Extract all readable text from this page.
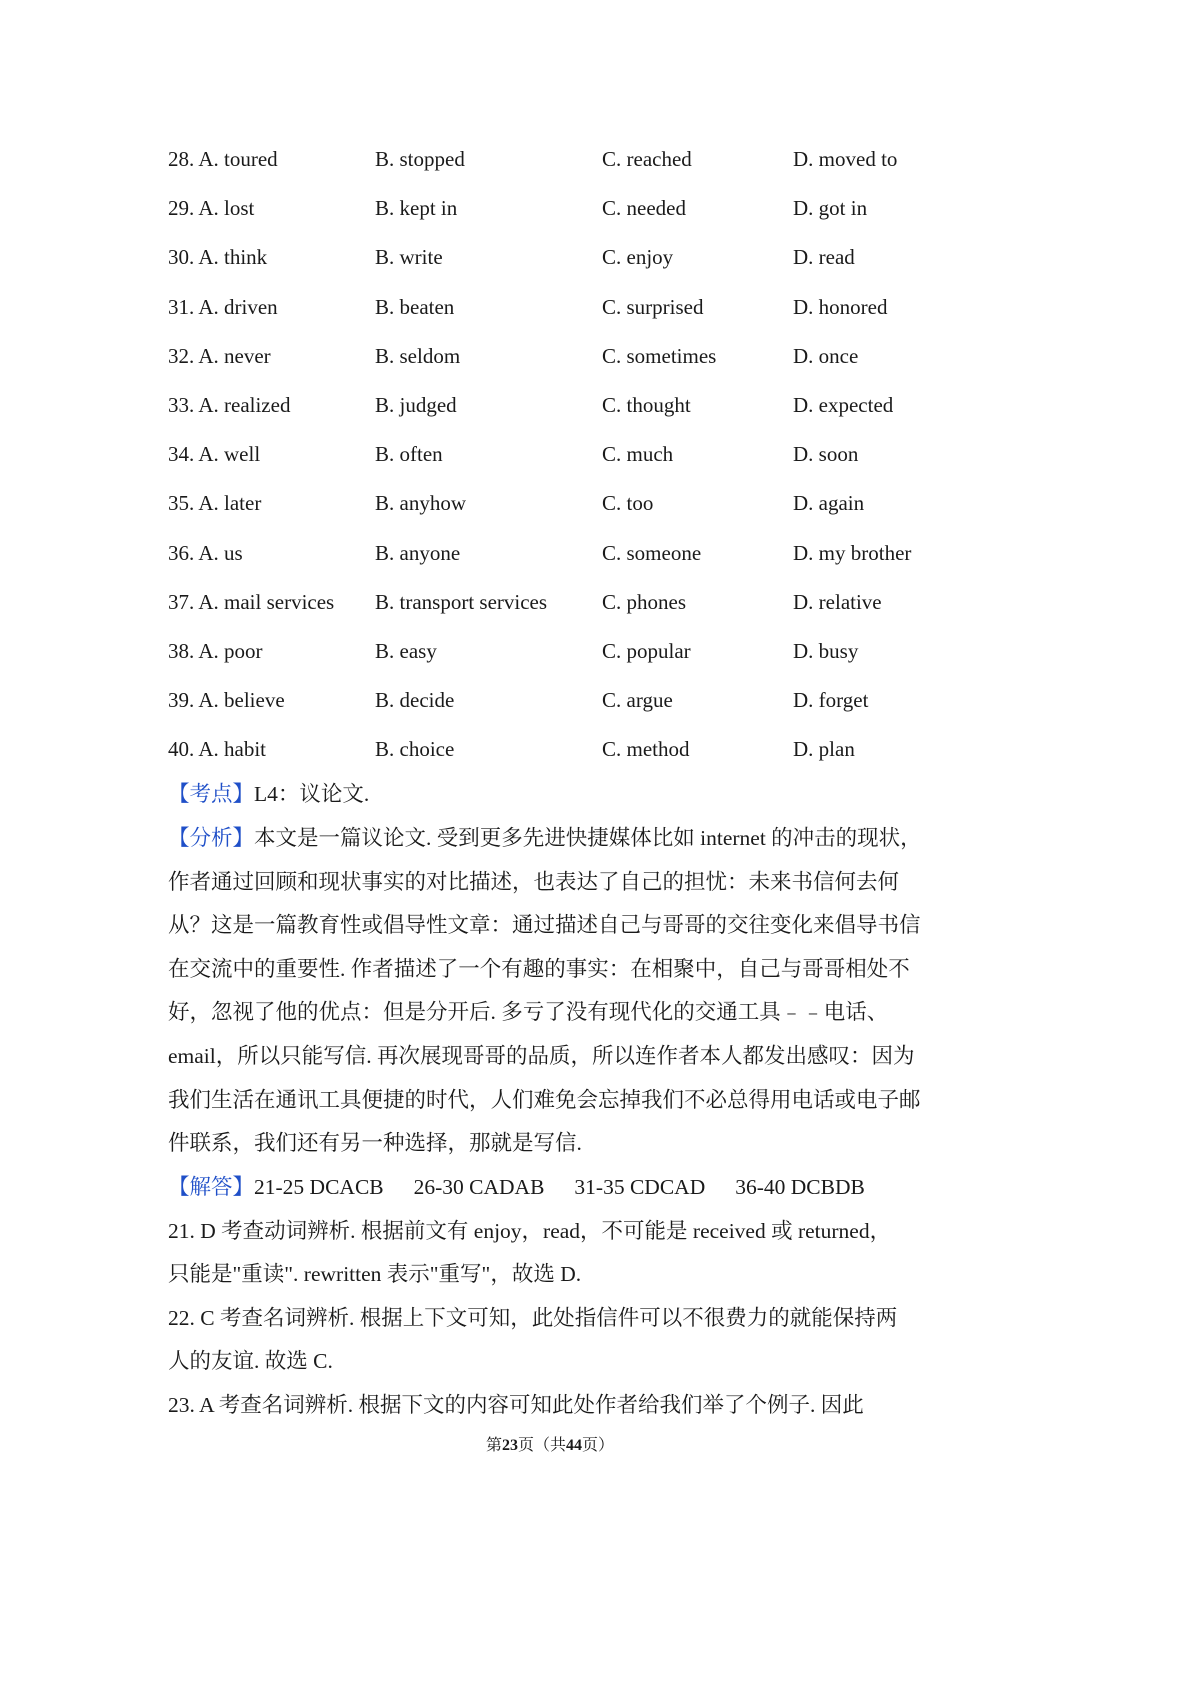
28. A. toured	B. stopped	C. reached	D. moved to
29. A. lost	B. kept in	C. needed	D. got in
30. A. think	B. write	C. enjoy	D. read
31. A. driven	B. beaten	C. surprised	D. honored
32. A. never	B. seldom	C. sometimes	D. once
33. A. realized	B. judged	C. thought	D. expected
34. A. well	B. often	C. much	D. soon
35. A. later	B. anyhow	C. too	D. again
36. A. us	B. anyone	C. someone	D. my brother
37. A. mail services B. transport services	C. phones	D. relative
38. A. poor	B. easy	C. popular	D. busy
39. A. believe	B. decide	C. argue	D. forget
40. A. habit	B. choice	C. method	D. plan
【考点】L4：议论文.
【分析】本文是一篇议论文. 受到更多先进快捷媒体比如 internet 的冲击的现状，
作者通过回顾和现状事实的对比描述，也表达了自己的担忧：未来书信何去何
从？这是一篇教育性或倡导性文章：通过描述自己与哥哥的交往变化来倡导书信
在交流中的重要性. 作者描述了一个有趣的事实：在相聚中，自己与哥哥相处不
好，忽视了他的优点：但是分开后. 多亏了没有现代化的交通工具﹣﹣电话、
email，所以只能写信. 再次展现哥哥的品质，所以连作者本人都发出感叹：因为
我们生活在通讯工具便捷的时代，人们难免会忘掉我们不必总得用电话或电子邮
件联系，我们还有另一种选择，那就是写信.
【解答】21-25 DCACB 26-30 CADAB 31-35 CDCAD 36-40 DCBDB
21. D 考查动词辨析. 根据前文有 enjoy，read，不可能是 received 或 returned，
只能是"重读". rewritten 表示"重写"，故选 D.
22. C 考查名词辨析. 根据上下文可知，此处指信件可以不很费力的就能保持两
人的友谊. 故选 C.
23. A 考查名词辨析. 根据下文的内容可知此处作者给我们举了个例子. 因此
第23页（共44页）
